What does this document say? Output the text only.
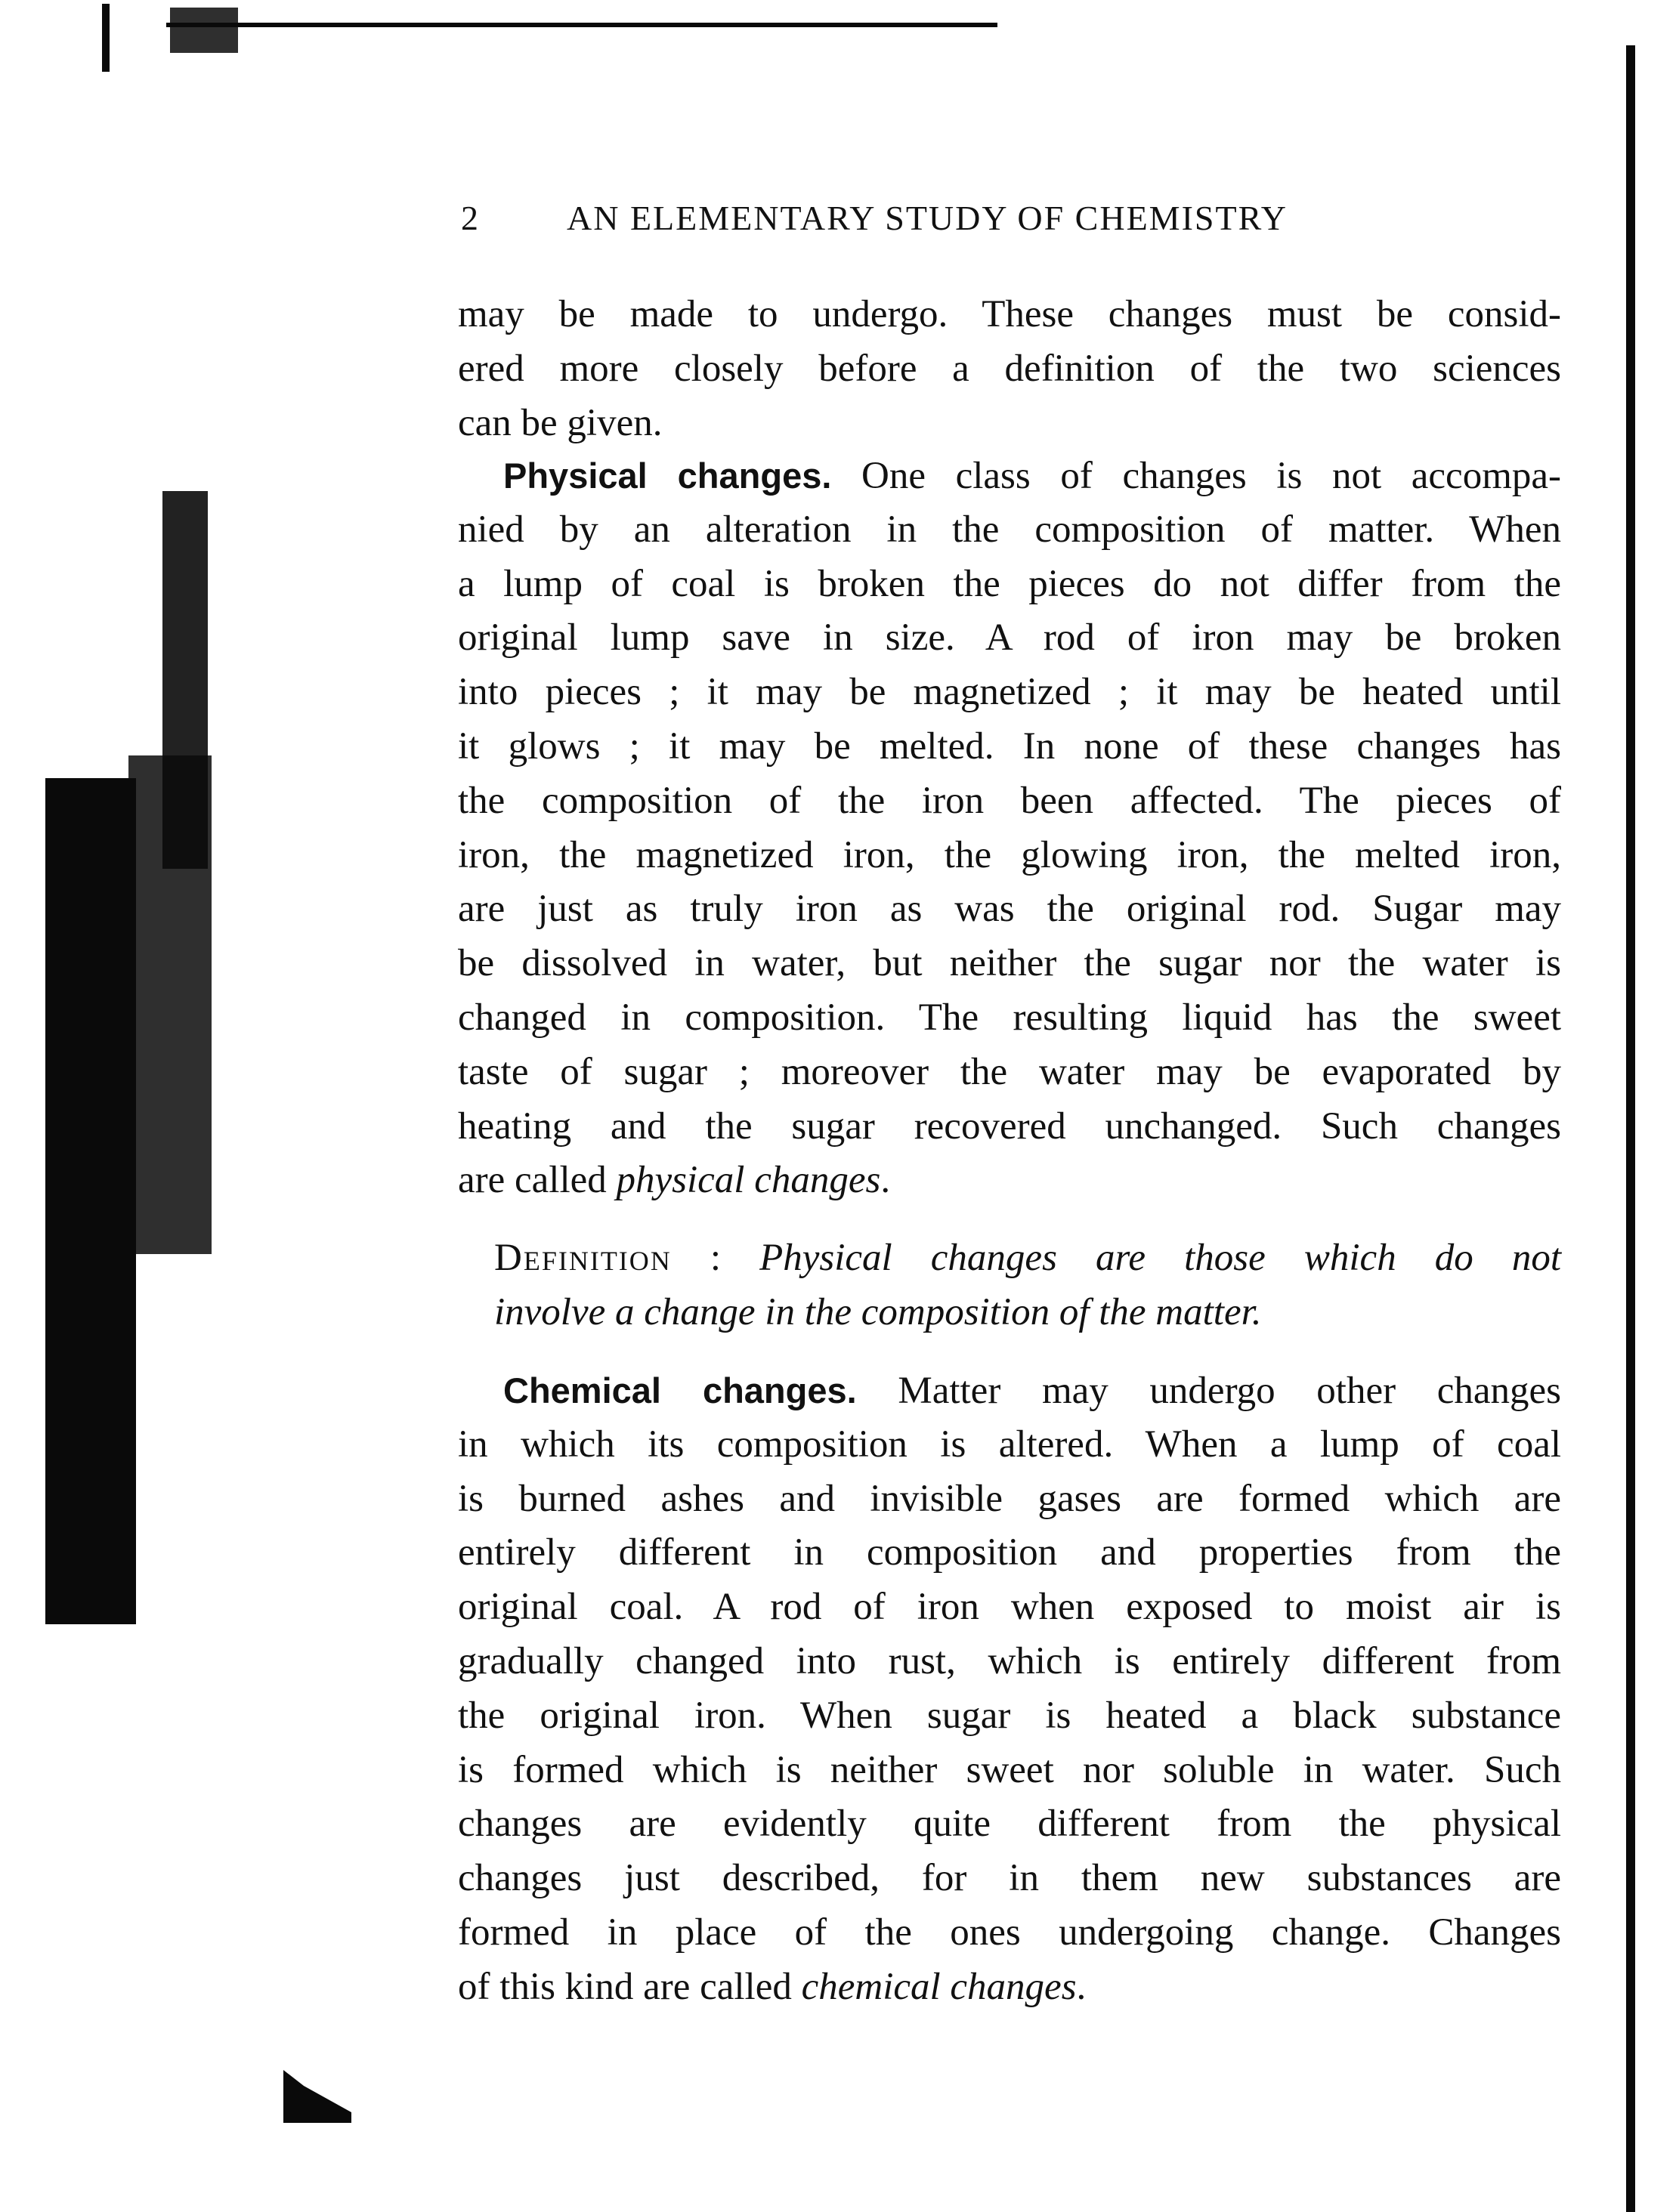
2	AN ELEMENTARY STUDY OF CHEMISTRY
may be made to undergo. These changes must be consid-
ered more closely before a definition of the two sciences
can be given.
Physical changes. One class of changes is not accompa-
nied by an alteration in the composition of matter. When
a lump of coal is broken the pieces do not differ from the
original lump save in size. A rod of iron may be broken
into pieces ; it may be magnetized ; it may be heated until
it glows ; it may be melted. In none of these changes has
the composition of the iron been affected. The pieces of
iron, the magnetized iron, the glowing iron, the melted iron,
are just as truly iron as was the original rod. Sugar may
be dissolved in water, but neither the sugar nor the water is
changed in composition. The resulting liquid has the sweet
taste of sugar ; moreover the water may be evaporated by
heating and the sugar recovered unchanged. Such changes
are called physical changes.
Definition : Physical changes are those which do not
involve a change in the composition of the matter.
Chemical changes. Matter may undergo other changes
in which its composition is altered. When a lump of coal
is burned ashes and invisible gases are formed which are
entirely different in composition and properties from the
original coal. A rod of iron when exposed to moist air is
gradually changed into rust, which is entirely different from
the original iron. When sugar is heated a black substance
is formed which is neither sweet nor soluble in water. Such
changes are evidently quite different from the physical
changes just described, for in them new substances are
formed in place of the ones undergoing change. Changes
of this kind are called chemical changes.
